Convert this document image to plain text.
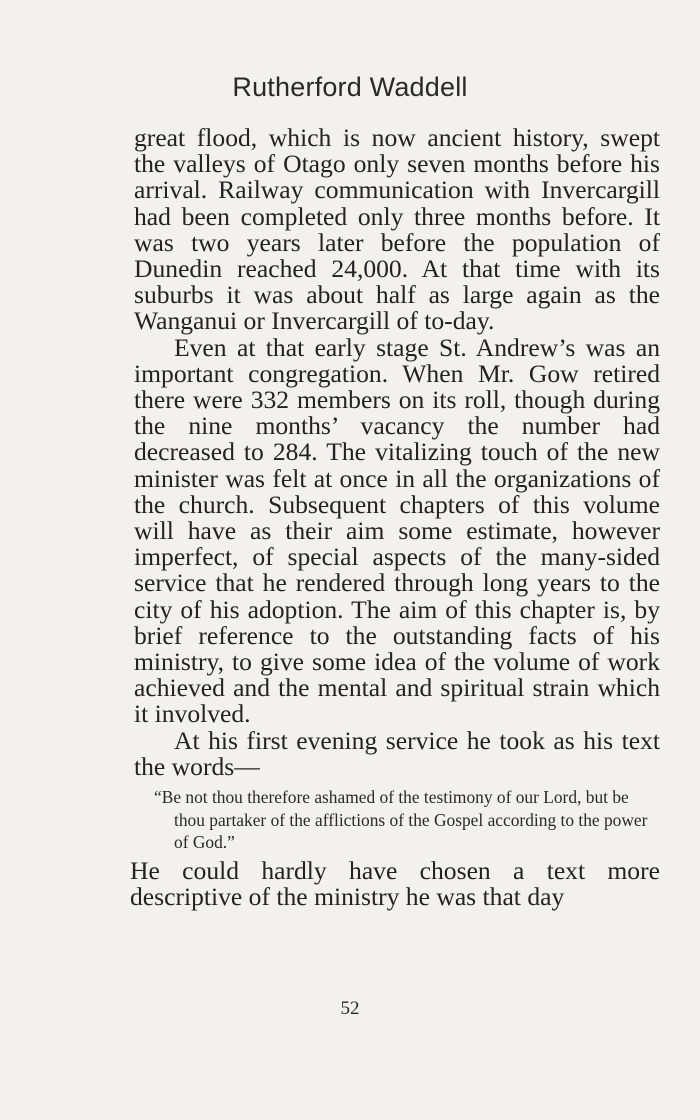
Rutherford Waddell

great flood, which is now ancient history, swept the valleys of Otago only seven months before his arrival. Railway communication with Invercargill had been completed only three months before. It was two years later before the population of Dunedin reached 24,000. At that time with its suburbs it was about half as large again as the Wanganui or Invercargill of to-day.

Even at that early stage St. Andrew’s was an important congregation. When Mr. Gow retired there were 332 members on its roll, though during the nine months’ vacancy the number had decreased to 284. The vitalizing touch of the new minister was felt at once in all the organizations of the church. Subsequent chapters of this volume will have as their aim some estimate, however imperfect, of special aspects of the many-sided service that he rendered through long years to the city of his adoption. The aim of this chapter is, by brief reference to the outstanding facts of his ministry, to give some idea of the volume of work achieved and the mental and spiritual strain which it involved.

At his first evening service he took as his text the words—

“Be not thou therefore ashamed of the testimony of our Lord, but be thou partaker of the afflictions of the Gospel according to the power of God.”

He could hardly have chosen a text more descriptive of the ministry he was that day

52
